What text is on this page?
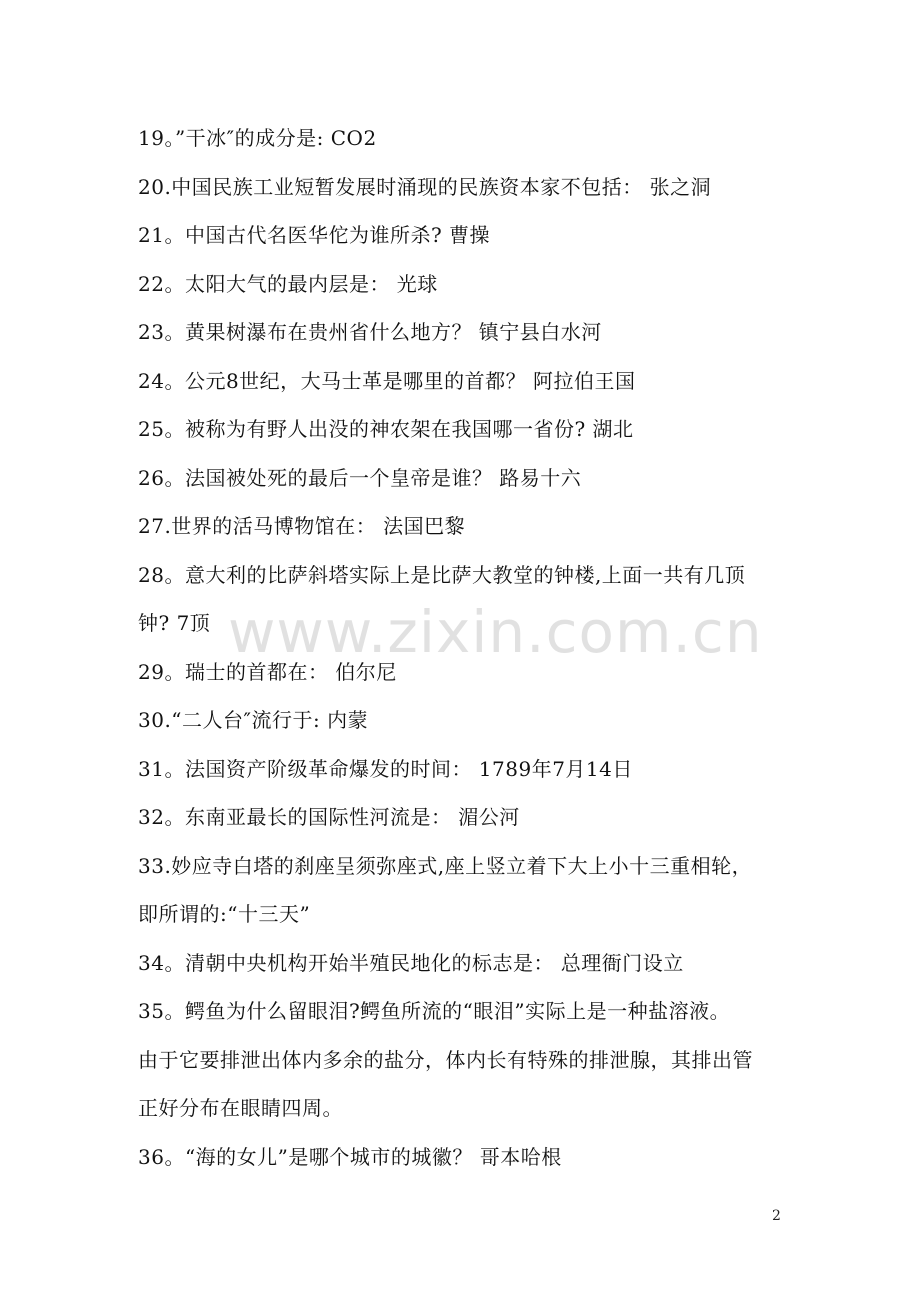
19。”干冰″的成分是: CO2
20.中国民族工业短暂发展时涌现的民族资本家不包括： 张之洞
21。中国古代名医华佗为谁所杀? 曹操
22。太阳大气的最内层是： 光球
23。黄果树瀑布在贵州省什么地方？ 镇宁县白水河
24。公元8世纪，大马士革是哪里的首都？ 阿拉伯王国
25。被称为有野人出没的神农架在我国哪一省份? 湖北
26。法国被处死的最后一个皇帝是谁？ 路易十六
27.世界的活马博物馆在： 法国巴黎
28。意大利的比萨斜塔实际上是比萨大教堂的钟楼,上面一共有几顶
钟? 7顶
29。瑞士的首都在： 伯尔尼
30.“二人台″流行于: 内蒙
31。法国资产阶级革命爆发的时间： 1789年7月14日
32。东南亚最长的国际性河流是： 湄公河
33.妙应寺白塔的刹座呈须弥座式,座上竖立着下大上小十三重相轮，
即所谓的:“十三天”
34。清朝中央机构开始半殖民地化的标志是： 总理衙门设立
35。鳄鱼为什么留眼泪?鳄鱼所流的“眼泪”实际上是一种盐溶液。
由于它要排泄出体内多余的盐分，体内长有特殊的排泄腺，其排出管
正好分布在眼睛四周。
36。“海的女儿”是哪个城市的城徽？ 哥本哈根
www.zixin.com.cn
2
